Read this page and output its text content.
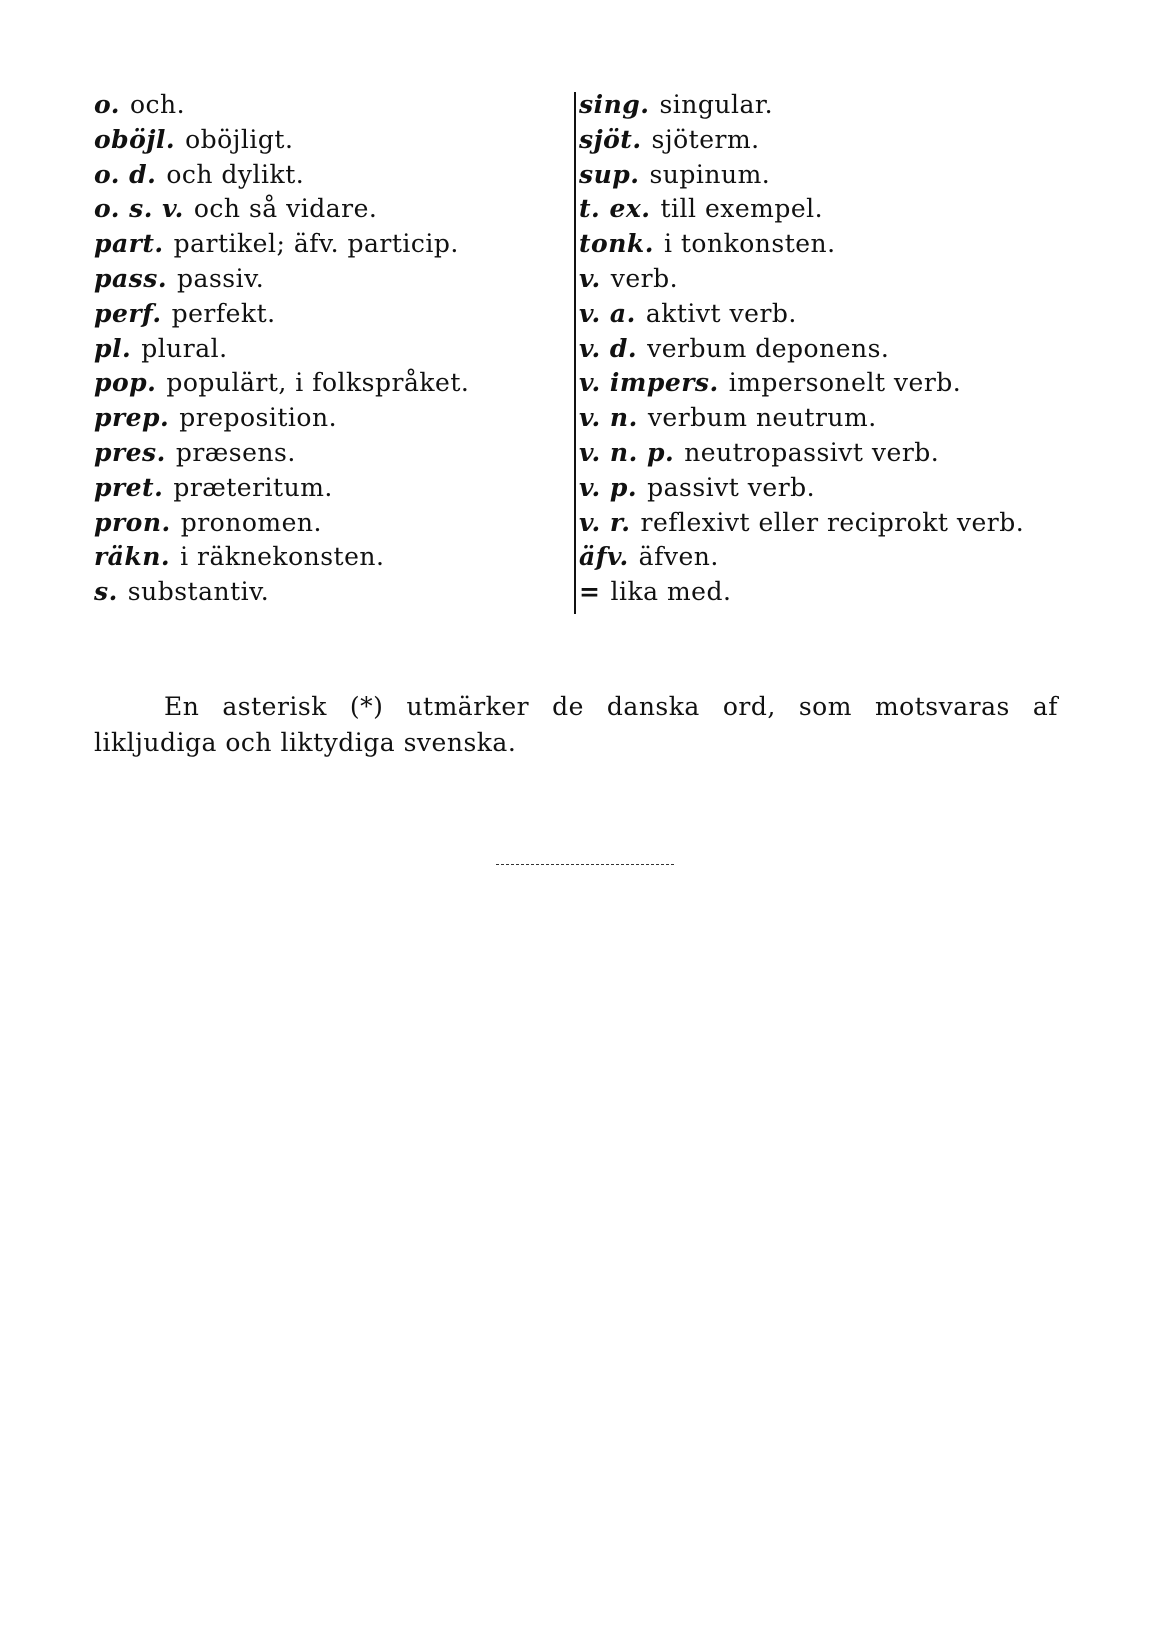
o. och.
oböjl. oböjligt.
o. d. och dylikt.
o. s. v. och så vidare.
part. partikel; äfv. particip.
pass. passiv.
perf. perfekt.
pl. plural.
pop. populärt, i folkspråket.
prep. preposition.
pres. præsens.
pret. præteritum.
pron. pronomen.
räkn. i räknekonsten.
s. substantiv.
sing. singular.
sjöt. sjöterm.
sup. supinum.
t. ex. till exempel.
tonk. i tonkonsten.
v. verb.
v. a. aktivt verb.
v. d. verbum deponens.
v. impers. impersonelt verb.
v. n. verbum neutrum.
v. n. p. neutropassivt verb.
v. p. passivt verb.
v. r. reflexivt eller reciprokt verb.
äfv. äfven.
= lika med.

En asterisk (*) utmärker de danska ord, som motsvaras af likljudiga och liktydiga svenska.
